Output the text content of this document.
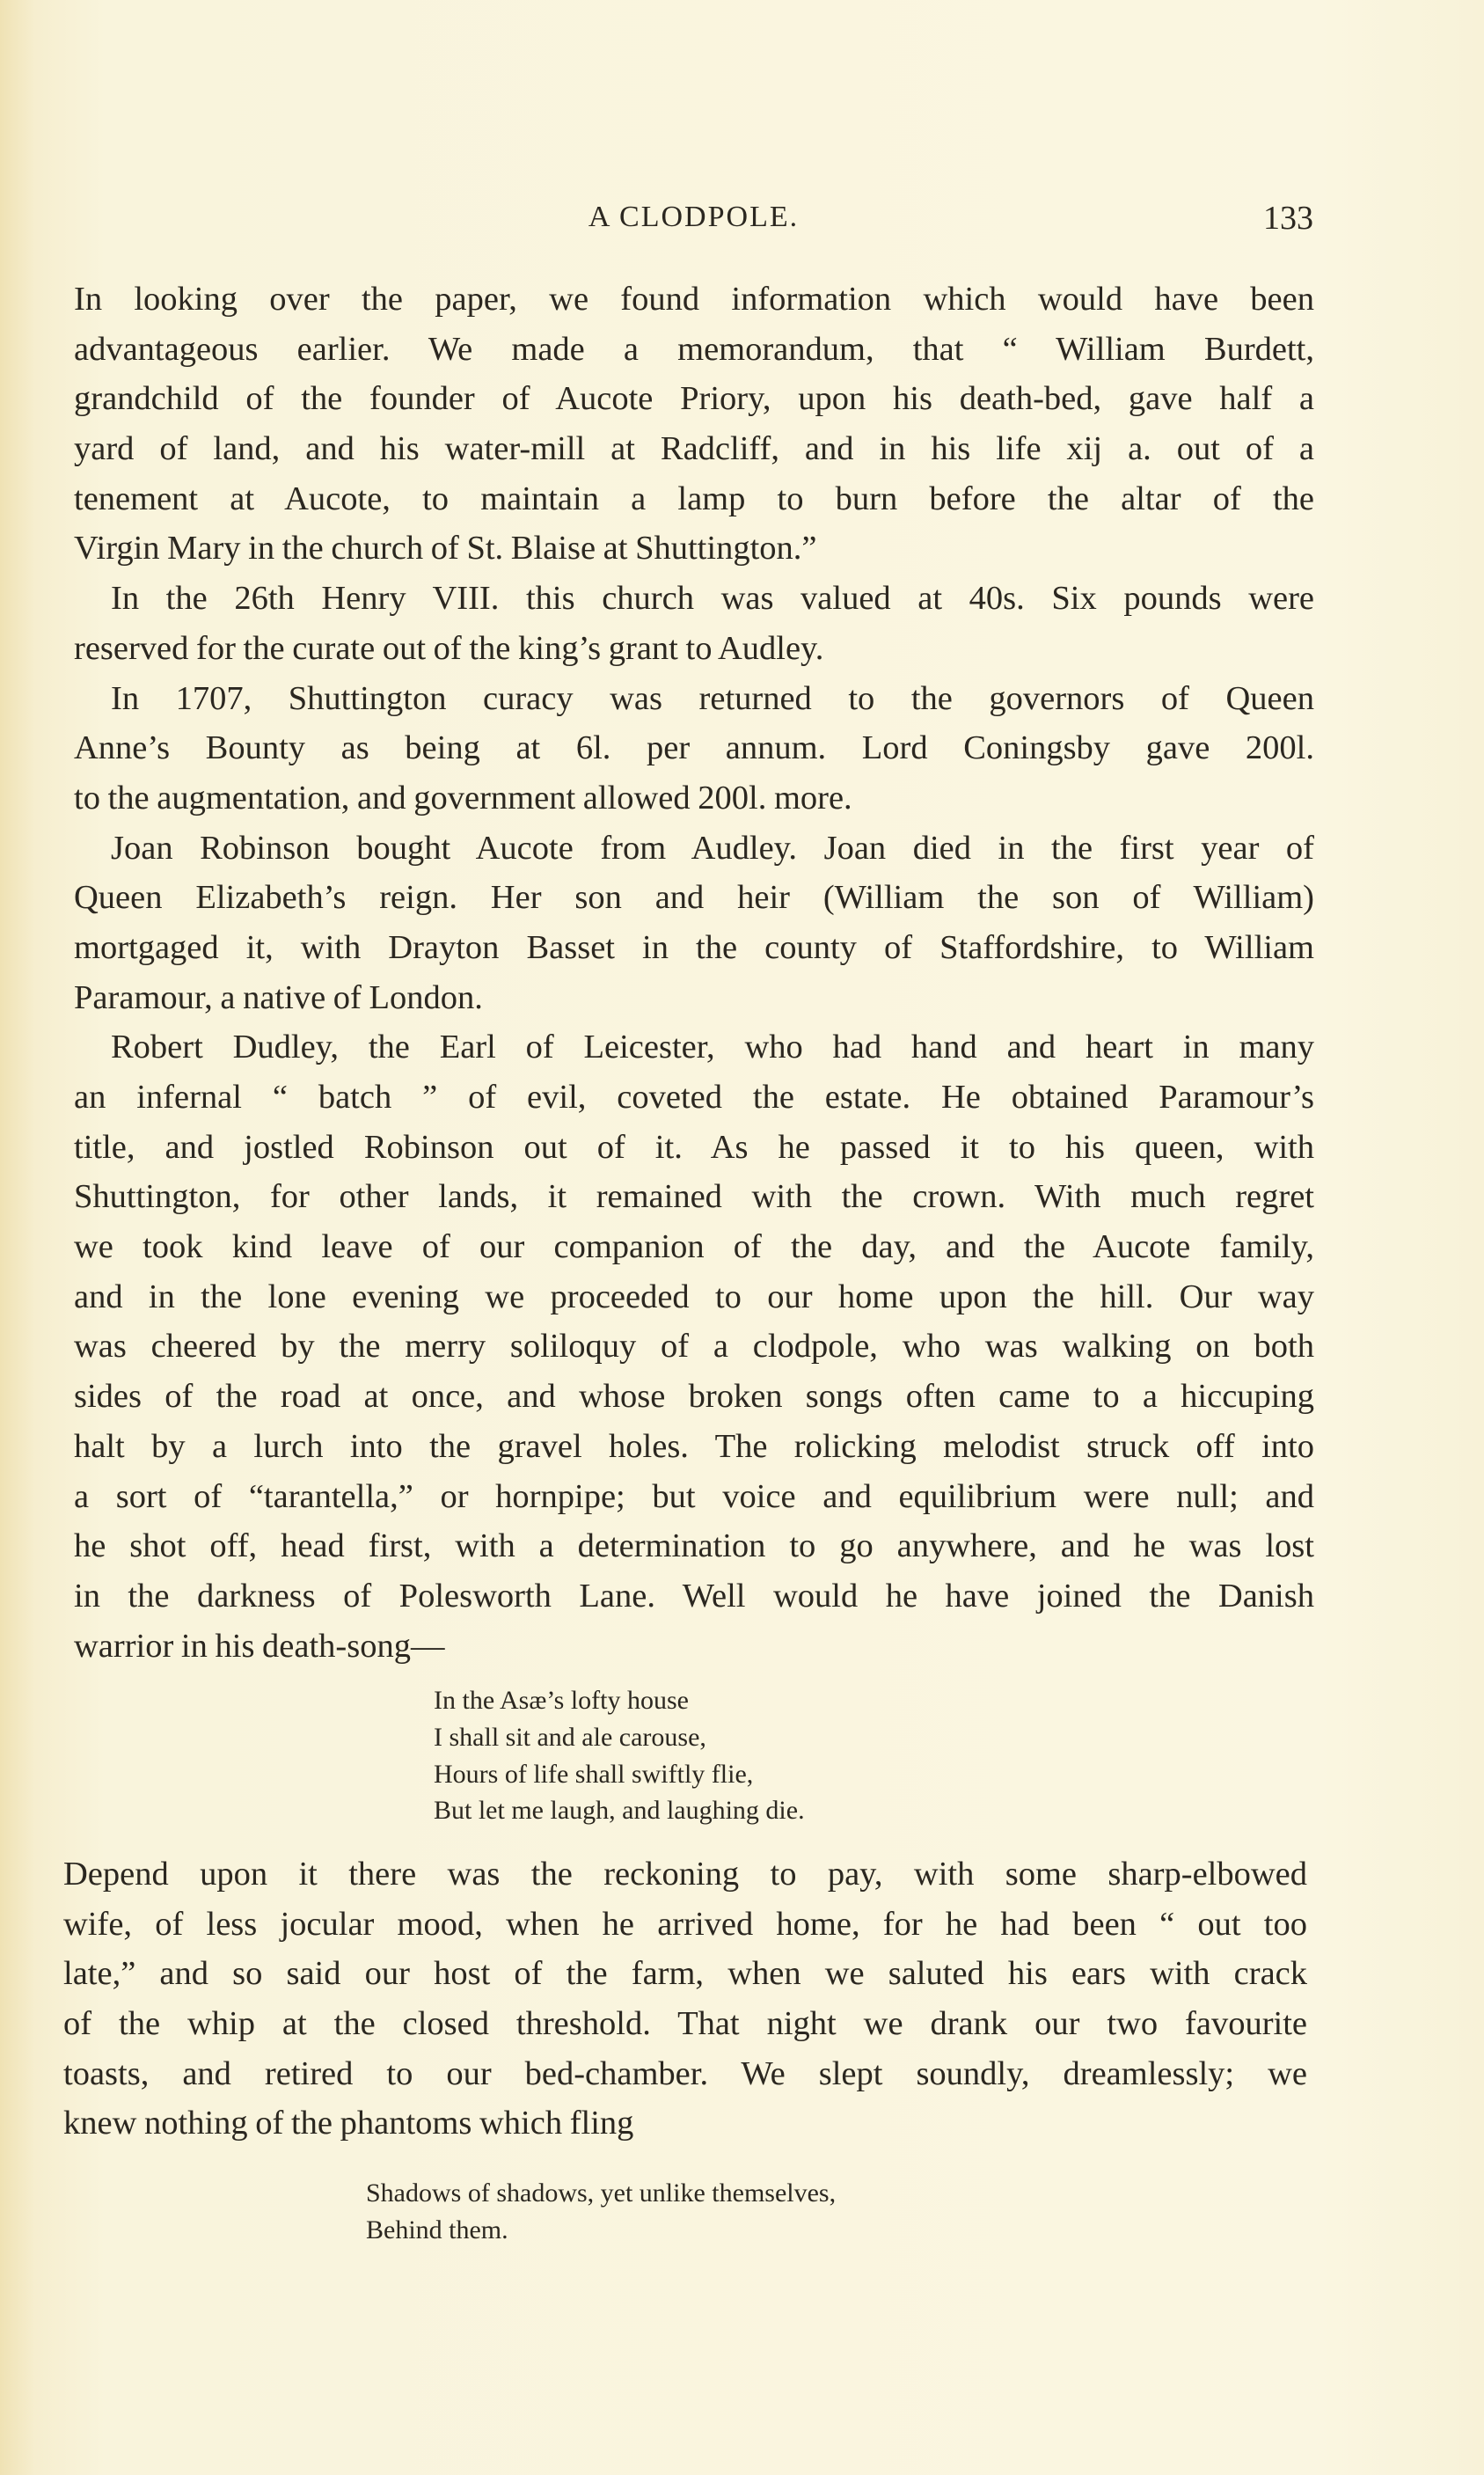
A CLODPOLE.	133
In looking over the paper, we found information which would have been
advantageous earlier. We made a memorandum, that “ William Burdett,
grandchild of the founder of Aucote Priory, upon his death-bed, gave half a
yard of land, and his water-mill at Radcliff, and in his life xij a. out of a
tenement at Aucote, to maintain a lamp to burn before the altar of the
Virgin Mary in the church of St. Blaise at Shuttington.”
In the 26th Henry VIII. this church was valued at 40s. Six pounds were
reserved for the curate out of the king’s grant to Audley.
In 1707, Shuttington curacy was returned to the governors of Queen
Anne’s Bounty as being at 6l. per annum. Lord Coningsby gave 200l.
to the augmentation, and government allowed 200l. more.
Joan Robinson bought Aucote from Audley. Joan died in the first year of
Queen Elizabeth’s reign. Her son and heir (William the son of William)
mortgaged it, with Drayton Basset in the county of Staffordshire, to William
Paramour, a native of London.
Robert Dudley, the Earl of Leicester, who had hand and heart in many
an infernal “ batch ” of evil, coveted the estate. He obtained Paramour’s
title, and jostled Robinson out of it. As he passed it to his queen, with
Shuttington, for other lands, it remained with the crown. With much regret
we took kind leave of our companion of the day, and the Aucote family,
and in the lone evening we proceeded to our home upon the hill. Our way
was cheered by the merry soliloquy of a clodpole, who was walking on both
sides of the road at once, and whose broken songs often came to a hiccuping
halt by a lurch into the gravel holes. The rolicking melodist struck off into
a sort of “tarantella,” or hornpipe; but voice and equilibrium were null; and
he shot off, head first, with a determination to go anywhere, and he was lost
in the darkness of Polesworth Lane. Well would he have joined the Danish
warrior in his death-song—
In the Asæ’s lofty house
I shall sit and ale carouse,
Hours of life shall swiftly flie,
But let me laugh, and laughing die.
Depend upon it there was the reckoning to pay, with some sharp-elbowed
wife, of less jocular mood, when he arrived home, for he had been “ out too
late,” and so said our host of the farm, when we saluted his ears with crack
of the whip at the closed threshold. That night we drank our two favourite
toasts, and retired to our bed-chamber. We slept soundly, dreamlessly; we
knew nothing of the phantoms which fling
Shadows of shadows, yet unlike themselves,
Behind them.
